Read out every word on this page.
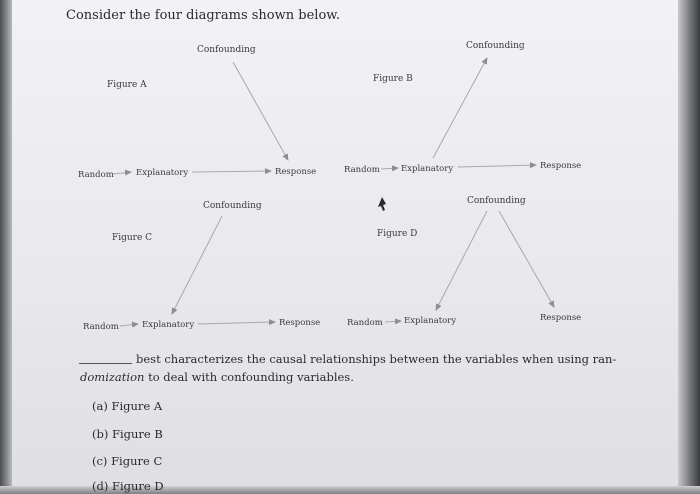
Consider the four diagrams shown below.
Confounding
Figure A
Random	Explanatory	Response
Confounding
Figure B
Random Explanatory	Response
Confounding
Figure C
Random	Explanatory	Response
Confounding
Figure D
Random Explanatory	Response
best characterizes the causal relationships between the variables when using ran-
domization to deal with confounding variables.
(a) Figure A
(b) Figure B
(c) Figure C
(d) Figure D
